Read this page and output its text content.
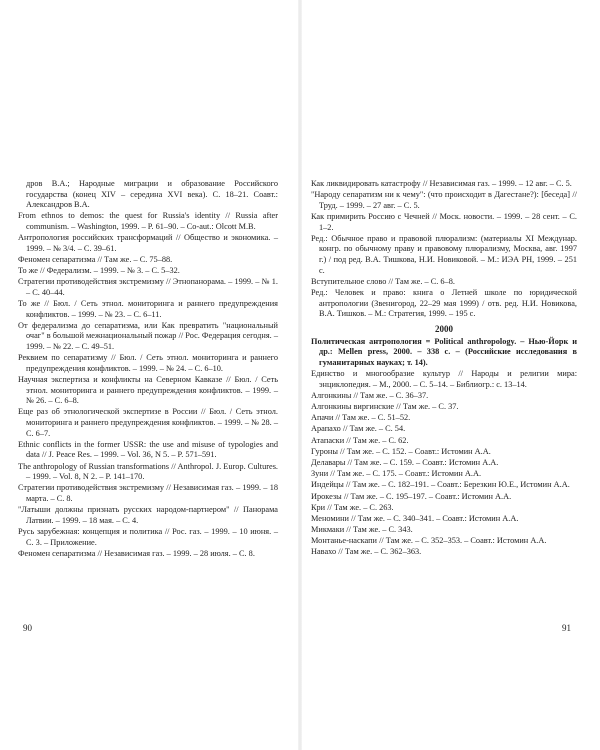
дров В.А.; Народные миграции и образование Российского государства (конец XIV – середина XVI века). С. 18–21. Соавт.: Александров В.А.
From ethnos to demos: the quest for Russia's identity // Russia after communism. – Washington, 1999. – P. 61–90. – Co-aut.: Olcott M.B.
Антропология российских трансформаций // Общество и экономика. – 1999. – № 3/4. – С. 39–61.
Феномен сепаратизма // Там же. – С. 75–88.
То же // Федерализм. – 1999. – № 3. – С. 5–32.
Стратегии противодействия экстремизму // Этнопанорама. – 1999. – № 1. – С. 40–44.
То же // Бюл. / Сеть этнол. мониторинга и раннего предупреждения конфликтов. – 1999. – № 23. – С. 6–11.
От федерализма до сепаратизма, или Как превратить "национальный очаг" в большой межнациональный пожар // Рос. Федерация сегодня. – 1999. – № 22. – С. 49–51.
Реквием по сепаратизму // Бюл. / Сеть этнол. мониторинга и раннего предупреждения конфликтов. – 1999. – № 24. – С. 6–10.
Научная экспертиза и конфликты на Северном Кавказе // Бюл. / Сеть этнол. мониторинга и раннего предупреждения конфликтов. – 1999. – № 26. – С. 6–8.
Еще раз об этнологической экспертизе в России // Бюл. / Сеть этнол. мониторинга и раннего предупреждения конфликтов. – 1999. – № 28. – С. 6–7.
Ethnic conflicts in the former USSR: the use and misuse of typologies and data // J. Peace Res. – 1999. – Vol. 36, N 5. – P. 571–591.
The anthropology of Russian transformations // Anthropol. J. Europ. Cultures. – 1999. – Vol. 8, N 2. – P. 141–170.
Стратегии противодействия экстремизму // Независимая газ. – 1999. – 18 марта. – С. 8.
"Латыши должны признать русских народом-партнером" // Панорама Латвии. – 1999. – 18 мая. – С. 4.
Русь зарубежная: концепция и политика // Рос. газ. – 1999. – 10 июня. – С. 3. – Приложение.
Феномен сепаратизма // Независимая газ. – 1999. – 28 июля. – С. 8.
90
Как ликвидировать катастрофу // Независимая газ. – 1999. – 12 авг. – С. 5.
"Народу сепаратизм ни к чему": (что происходит в Дагестане?): [беседа] // Труд. – 1999. – 27 авг. – С. 5.
Как примирить Россию с Чечней // Моск. новости. – 1999. – 28 сент. – С. 1–2.
Ред.: Обычное право и правовой плюрализм: (материалы XI Междунар. конгр. по обычному праву и правовому плюрализму, Москва, авг. 1997 г.) / под ред. В.А. Тишкова, Н.И. Новиковой. – М.: ИЭА РН, 1999. – 251 с.
Вступительное слово // Там же. – С. 6–8.
Ред.: Человек и право: книга о Летней школе по юридической антропологии (Звенигород, 22–29 мая 1999) / отв. ред. Н.И. Новикова, В.А. Тишков. – М.: Стратегия, 1999. – 195 с.
2000
Политическая антропология = Political anthropology. – Нью-Йорк и др.: Mellen press, 2000. – 338 с. – (Российские исследования в гуманитарных науках; т. 14).
Единство и многообразие культур // Народы и религии мира: энциклопедия. – М., 2000. – С. 5–14. – Библиогр.: с. 13–14.
Алгонкины // Там же. – С. 36–37.
Алгонкины виргинские // Там же. – С. 37.
Апачи // Там же. – С. 51–52.
Арапахо // Там же. – С. 54.
Атапаски // Там же. – С. 62.
Гуроны // Там же. – С. 152. – Соавт.: Истомин А.А.
Делавары // Там же. – С. 159. – Соавт.: Истомин А.А.
Зуни // Там же. – С. 175. – Соавт.: Истомин А.А.
Индейцы // Там же. – С. 182–191. – Соавт.: Березкин Ю.Е., Истомин А.А.
Ирокезы // Там же. – С. 195–197. – Соавт.: Истомин А.А.
Кри // Там же. – С. 263.
Меномини // Там же. – С. 340–341. – Соавт.: Истомин А.А.
Микмаки // Там же. – С. 343.
Монтанье-наскапи // Там же. – С. 352–353. – Соавт.: Истомин А.А.
Навахо // Там же. – С. 362–363.
91
